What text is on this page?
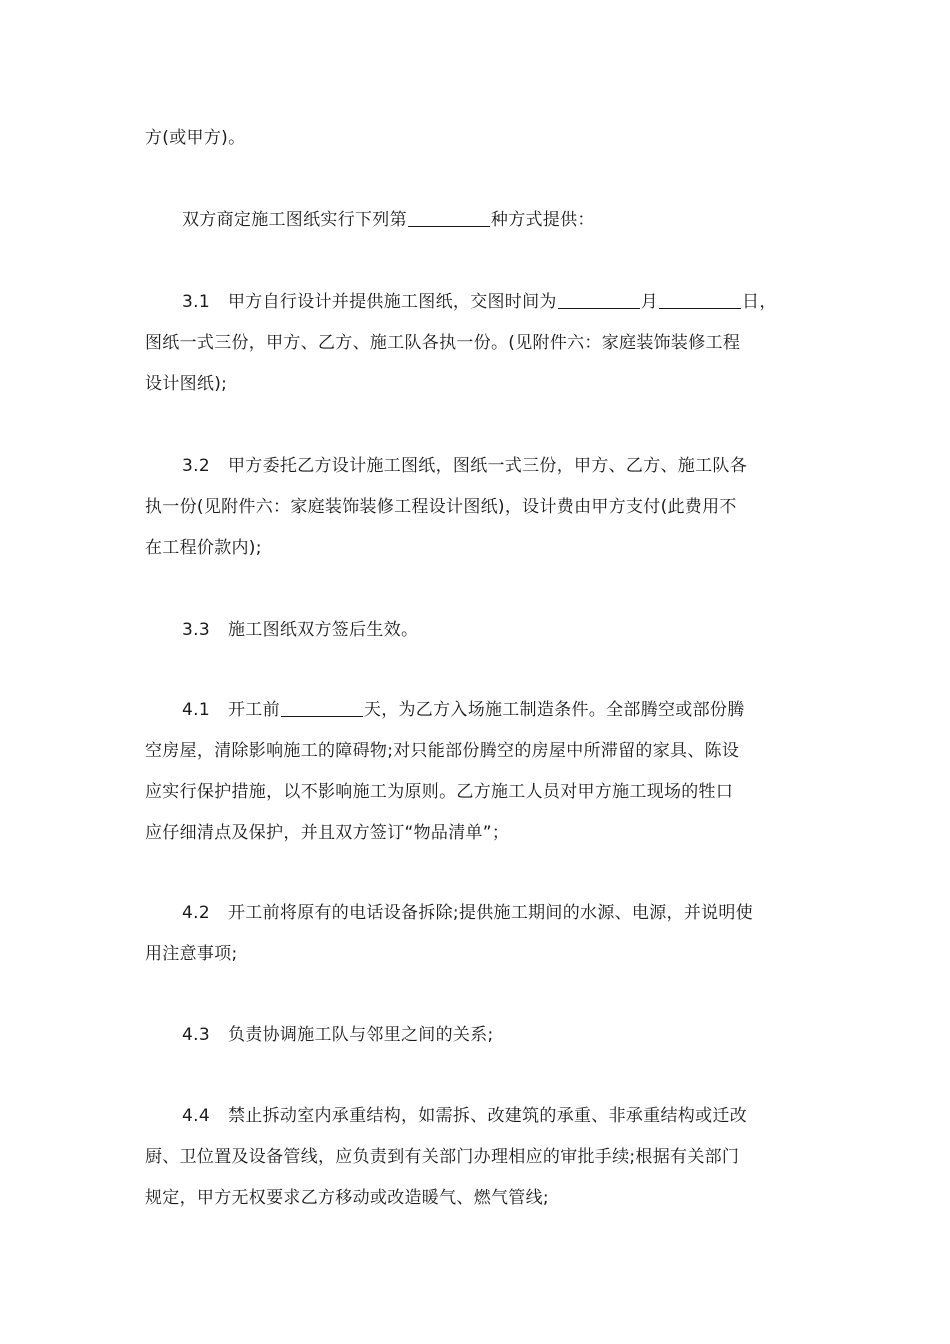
方(或甲方)。

双方商定施工图纸实行下列第	种方式提供：

3.1 甲方自行设计并提供施工图纸，交图时间为	月	日，
图纸一式三份，甲方、乙方、施工队各执一份。(见附件六：家庭装饰装修工程
设计图纸);

3.2 甲方委托乙方设计施工图纸，图纸一式三份，甲方、乙方、施工队各
执一份(见附件六：家庭装饰装修工程设计图纸)，设计费由甲方支付(此费用不
在工程价款内);

3.3 施工图纸双方签后生效。

4.1 开工前	天，为乙方入场施工制造条件。全部腾空或部份腾
空房屋，清除影响施工的障碍物;对只能部份腾空的房屋中所滞留的家具、陈设
应实行保护措施，以不影响施工为原则。乙方施工人员对甲方施工现场的牲口
应仔细清点及保护，并且双方签订“物品清单”；

4.2 开工前将原有的电话设备拆除;提供施工期间的水源、电源，并说明使
用注意事项;

4.3 负责协调施工队与邻里之间的关系;

4.4 禁止拆动室内承重结构，如需拆、改建筑的承重、非承重结构或迁改
厨、卫位置及设备管线，应负责到有关部门办理相应的审批手续;根据有关部门
规定，甲方无权要求乙方移动或改造暖气、燃气管线;
